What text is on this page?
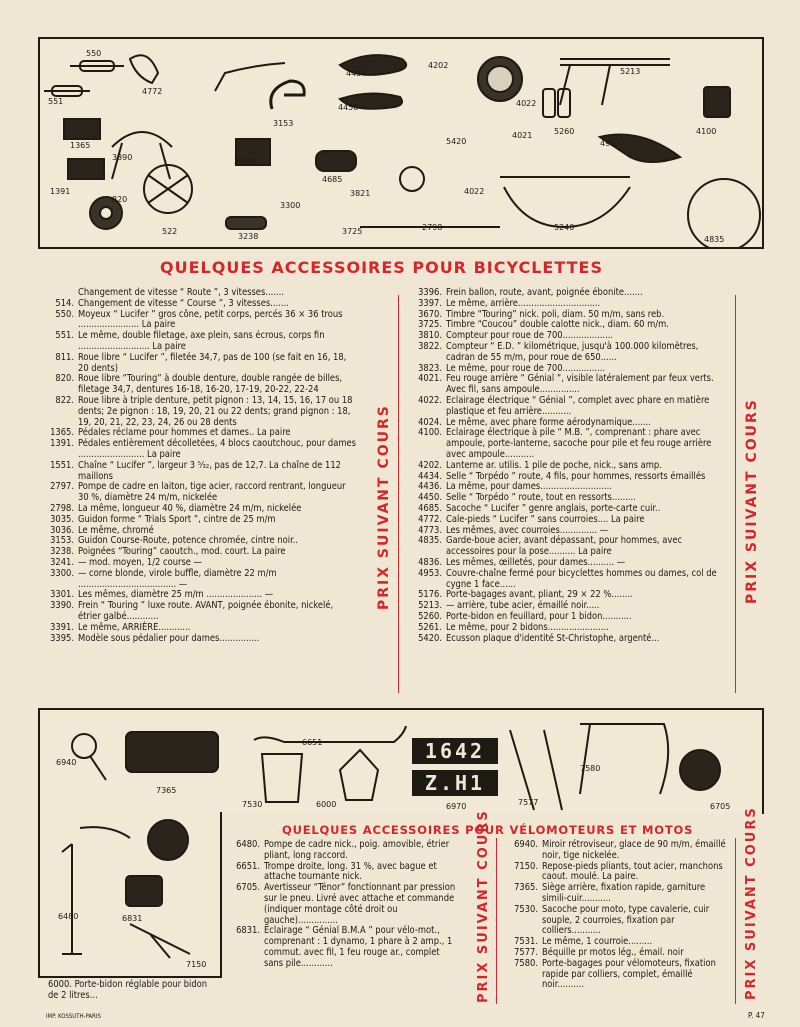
550
551
4772
3153
4434
4202
4022
5213
4100
1365
3390	3809
4450
5420
4021	5260
4953
1391
820
522
3238
3300
4685
3821
3725	2798
4022
5240
4835
QUELQUES ACCESSOIRES POUR BICYCLETTES
Changement de vitesse “ Route ”, 3 vitesses.......
514. Changement de vitesse “ Course ”, 3 vitesses.......
550. Moyeux “ Lucifer ” gros cône, petit corps, percés 36 × 36 trous ....................... La paire
551. Le même, double filetage, axe plein, sans écrous, corps fin ........................... La paire
811. Roue libre “ Lucifer ”, filetée 34,7, pas de 100 (se fait en 16, 18, 20 dents)
820. Roue libre “Touring” à double denture, double rangée de billes, filetage 34,7, dentures 16-18, 16-20, 17-19, 20-22, 22-24
822. Roue libre à triple denture, petit pignon : 13, 14, 15, 16, 17 ou 18 dents; 2e pignon : 18, 19, 20, 21 ou 22 dents; grand pignon : 18, 19, 20, 21, 22, 23, 24, 26 ou 28 dents
1365. Pédales réclame pour hommes et dames.. La paire
1391. Pédales entièrement décolletées, 4 blocs caoutchouc, pour dames ......................... La paire
1551. Chaîne “ Lucifer ”, largeur 3 ⁵⁄₃₂, pas de 12,7. La chaîne de 112 maillons
2797. Pompe de cadre en laiton, tige acier, raccord rentrant, longueur 30 %, diamètre 24 m/m, nickelée
2798. La même, longueur 40 %, diamètre 24 m/m, nickelée
3035. Guidon forme “ Trials Sport ”, cintre de 25 m/m
3036. Le même, chromé
3153. Guidon Course-Route, potence chromée, cintre noir..
3238. Poignées “Touring” caoutch., mod. court. La paire
3241. — mod. moyen, 1/2 course —
3300. — corne blonde, virole buffle, diamètre 22 m/m ..................................... —
3301. Les mêmes, diamètre 25 m/m ..................... —
3390. Frein “ Touring ” luxe route. AVANT, poignée ébonite, nickelé, étrier galbé............
3391. Le même, ARRIÈRE............
3395. Modèle sous pédalier pour dames...............
PRIX SUIVANT COURS
3396. Frein ballon, route, avant, poignée ébonite.......
3397. Le même, arrière...............................
3670. Timbre “Touring” nick. poli, diam. 50 m/m, sans reb.
3725. Timbre “Coucou” double calotte nick., diam. 60 m/m.
3810. Compteur pour roue de 700...................
3822. Compteur “ E.D. ” kilométrique, jusqu'à 100.000 kilomètres, cadran de 55 m/m, pour roue de 650......
3823. Le même, pour roue de 700................
4021. Feu rouge arrière “ Génial ”, visible latéralement par feux verts. Avec fil, sans ampoule...............
4022. Eclairage électrique “ Génial ”, complet avec phare en matière plastique et feu arrière...........
4024. Le même, avec phare forme aérodynamique.......
4100. Eclairage électrique à pile “ M.B. ”, comprenant : phare avec ampoule, porte-lanterne, sacoche pour pile et feu rouge arrière avec ampoule...........
4202. Lanterne ar. utilis. 1 pile de poche, nick., sans amp.
4434. Selle “ Torpédo ” route, 4 fils, pour hommes, ressorts émaillés
4436. La même, pour dames...........................
4450. Selle “ Torpédo ” route, tout en ressorts.........
4685. Sacoche “ Lucifer ” genre anglais, porte-carte cuir..
4772. Cale-pieds “ Lucifer ” sans courroies.... La paire
4773. Les mêmes, avec courroies.............. —
4835. Garde-boue acier, avant dépassant, pour hommes, avec accessoires pour la pose.......... La paire
4836. Les mêmes, œilletés, pour dames.......... —
4953. Couvre-chaîne fermé pour bicyclettes hommes ou dames, col de cygne 1 face......
5176. Porte-bagages avant, pliant, 29 × 22 %........
5213. — arrière, tube acier, émaillé noir.....
5260. Porte-bidon en feuillard, pour 1 bidon...........
5261. Le même, pour 2 bidons.......................
5420. Ecusson plaque d'identité St-Christophe, argenté...
PRIX SUIVANT COURS
1642
Z.H1
6940
7365
6651
7530	6000	6970	7577
7580
6705
6480	6831
7150
6000. Porte-bidon réglable pour bidon de 2 litres...
QUELQUES ACCESSOIRES POUR VÉLOMOTEURS ET MOTOS
6480. Pompe de cadre nick., poig. amovible, étrier pliant, long raccord.
6651. Trompe droite, long. 31 %, avec bague et attache tournante nick.
6705. Avertisseur “Ténor” fonctionnant par pression sur le pneu. Livré avec attache et commande (indiquer montage côté droit ou gauche)...............
6831. Eclairage “ Génial B.M.A ” pour vélo-mot., comprenant : 1 dynamo, 1 phare à 2 amp., 1 commut. avec fil, 1 feu rouge ar., complet sans pile............	PRIX SUIVANT COURS	6940. Miroir rétroviseur, glace de 90 m/m, émaillé noir, tige nickelée.
7150. Repose-pieds pliants, tout acier, manchons caout. moulé. La paire.
7365. Siège arrière, fixation rapide, garniture simili-cuir...........
7530. Sacoche pour moto, type cavalerie, cuir souple, 2 courroies, fixation par colliers...........
7531. Le même, 1 courroie.........
7577. Béquille pr motos lég., émail. noir
7580. Porte-bagages pour vélomoteurs, fixation rapide par colliers, complet, émaillé noir..........	PRIX SUIVANT COURS
IMP. KOSSUTH-PARIS	P. 47
